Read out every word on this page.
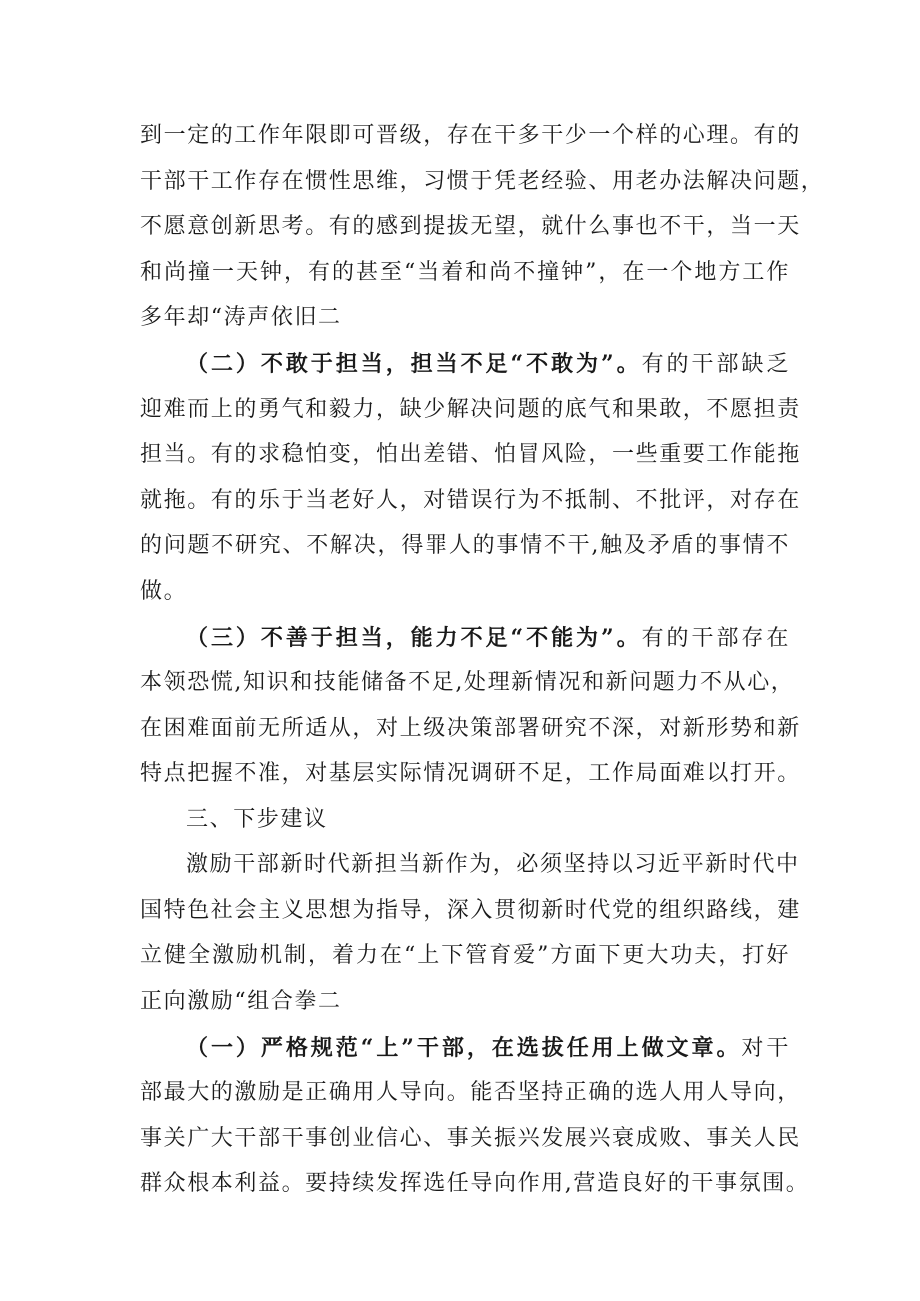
到一定的工作年限即可晋级，存在干多干少一个样的心理。有的
干部干工作存在惯性思维，习惯于凭老经验、用老办法解决问题，
不愿意创新思考。有的感到提拔无望，就什么事也不干，当一天
和尚撞一天钟，有的甚至“当着和尚不撞钟”，在一个地方工作
多年却“涛声依旧二
（二）不敢于担当，担当不足“不敢为”。有的干部缺乏
迎难而上的勇气和毅力，缺少解决问题的底气和果敢，不愿担责
担当。有的求稳怕变，怕出差错、怕冒风险，一些重要工作能拖
就拖。有的乐于当老好人，对错误行为不抵制、不批评，对存在
的问题不研究、不解决，得罪人的事情不干,触及矛盾的事情不
做。
（三）不善于担当，能力不足“不能为”。有的干部存在
本领恐慌,知识和技能储备不足,处理新情况和新问题力不从心，
在困难面前无所适从，对上级决策部署研究不深，对新形势和新
特点把握不准，对基层实际情况调研不足，工作局面难以打开。
三、下步建议
激励干部新时代新担当新作为，必须坚持以习近平新时代中
国特色社会主义思想为指导，深入贯彻新时代党的组织路线，建
立健全激励机制，着力在“上下管育爱”方面下更大功夫，打好
正向激励“组合拳二
（一）严格规范“上”干部，在选拔任用上做文章。对干
部最大的激励是正确用人导向。能否坚持正确的选人用人导向，
事关广大干部干事创业信心、事关振兴发展兴衰成败、事关人民
群众根本利益。要持续发挥选任导向作用,营造良好的干事氛围。
